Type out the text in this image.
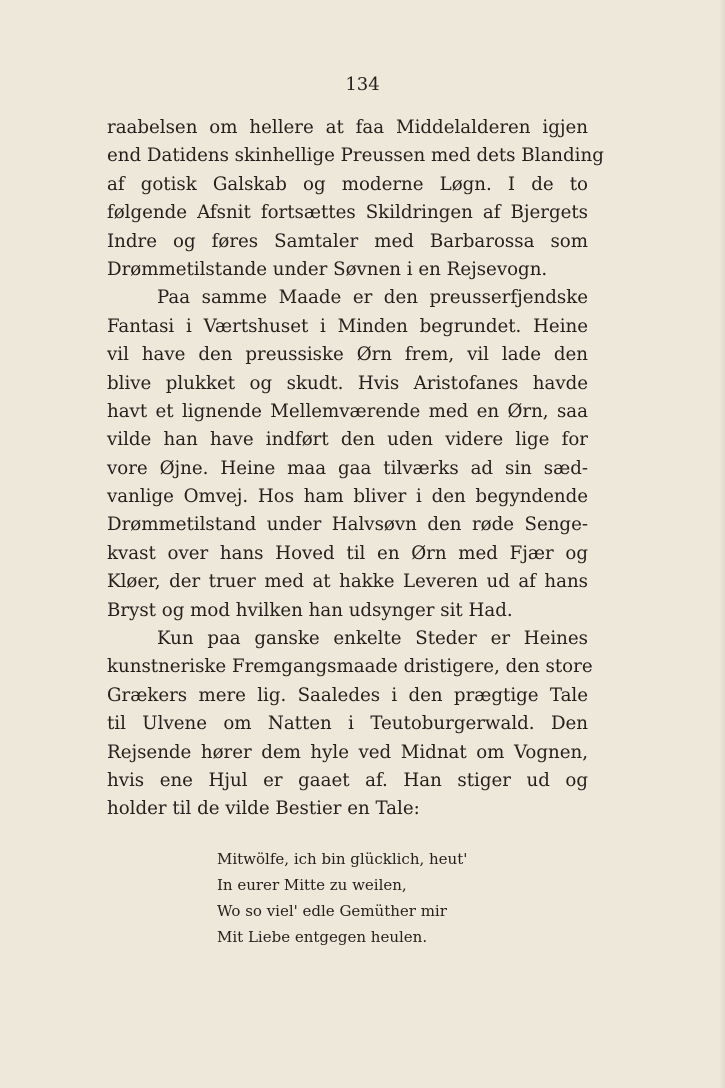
134

raabelsen om hellere at faa Middelalderen igjen
end Datidens skinhellige Preussen med dets Blanding
af gotisk Galskab og moderne Løgn. I de to
følgende Afsnit fortsættes Skildringen af Bjergets
Indre og føres Samtaler med Barbarossa som
Drømmetilstande under Søvnen i en Rejsevogn.
Paa samme Maade er den preusserfjendske
Fantasi i Værtshuset i Minden begrundet. Heine
vil have den preussiske Ørn frem, vil lade den
blive plukket og skudt. Hvis Aristofanes havde
havt et lignende Mellemværende med en Ørn, saa
vilde han have indført den uden videre lige for
vore Øjne. Heine maa gaa tilværks ad sin sæd-
vanlige Omvej. Hos ham bliver i den begyndende
Drømmetilstand under Halvsøvn den røde Senge-
kvast over hans Hoved til en Ørn med Fjær og
Kløer, der truer med at hakke Leveren ud af hans
Bryst og mod hvilken han udsynger sit Had.
Kun paa ganske enkelte Steder er Heines
kunstneriske Fremgangsmaade dristigere, den store
Grækers mere lig. Saaledes i den prægtige Tale
til Ulvene om Natten i Teutoburgerwald. Den
Rejsende hører dem hyle ved Midnat om Vognen,
hvis ene Hjul er gaaet af. Han stiger ud og
holder til de vilde Bestier en Tale:
Mitwölfe, ich bin glücklich, heut'
In eurer Mitte zu weilen,
Wo so viel' edle Gemüther mir
Mit Liebe entgegen heulen.
